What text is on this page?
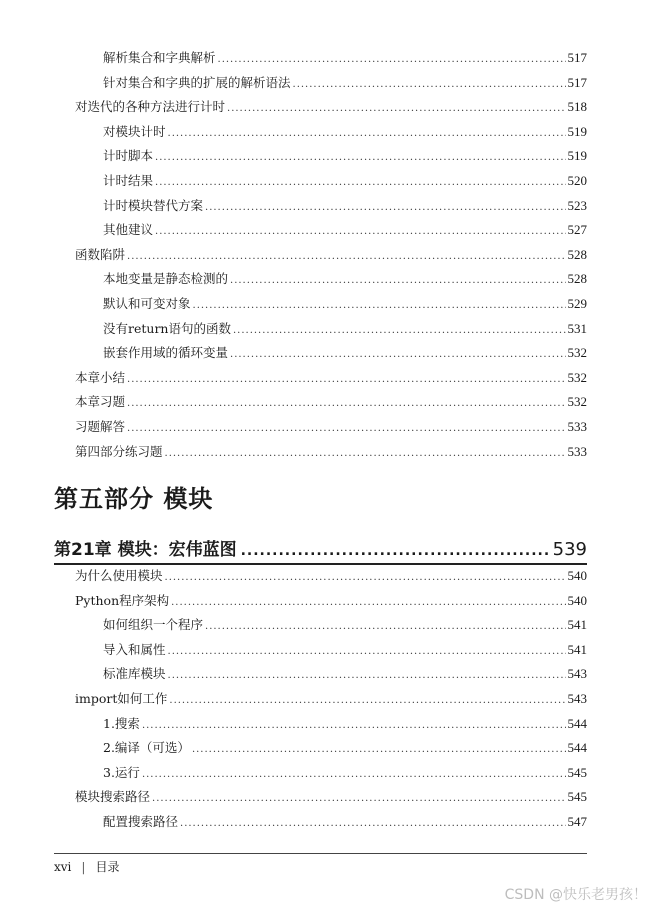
解析集合和字典解析 .....	517
针对集合和字典的扩展的解析语法 .....	517
对迭代的各种方法进行计时 .....	518
对模块计时 .....	519
计时脚本 .....	519
计时结果 .....	520
计时模块替代方案 .....	523
其他建议 .....	527
函数陷阱 .....	528
本地变量是静态检测的 .....	528
默认和可变对象 .....	529
没有return语句的函数 .....	531
嵌套作用域的循环变量 .....	532
本章小结 .....	532
本章习题 .....	532
习题解答 .....	533
第四部分练习题 .....	533
第五部分 模块
第21章 模块：宏伟蓝图 .....	539
为什么使用模块 .....	540
Python程序架构 .....	540
如何组织一个程序 .....	541
导入和属性 .....	541
标准库模块 .....	543
import如何工作 .....	543
1.搜索 .....	544
2.编译（可选） .....	544
3.运行 .....	545
模块搜索路径 .....	545
配置搜索路径 .....	547
xvi | 目录
CSDN @快乐老男孩！
